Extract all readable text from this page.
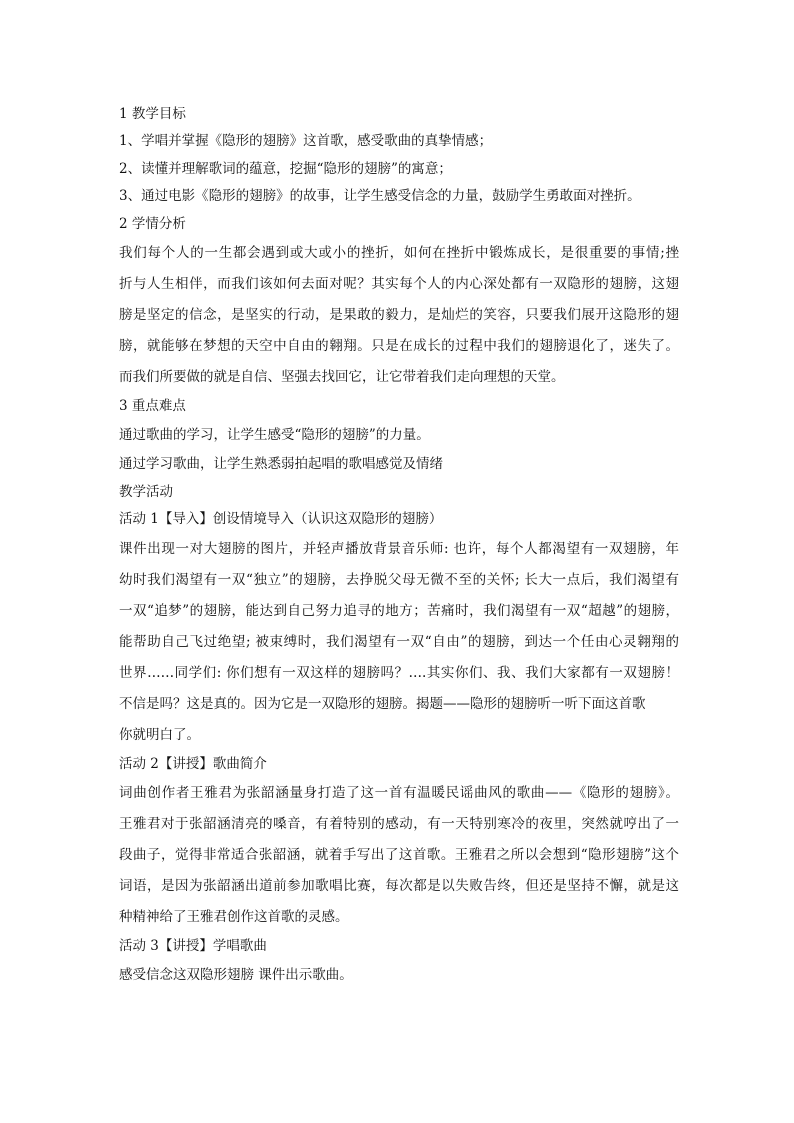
1 教学目标
1、学唱并掌握《隐形的翅膀》这首歌，感受歌曲的真挚情感；
2、读懂并理解歌词的蕴意，挖掘“隐形的翅膀”的寓意；
3、通过电影《隐形的翅膀》的故事，让学生感受信念的力量，鼓励学生勇敢面对挫折。
2 学情分析
我们每个人的一生都会遇到或大或小的挫折，如何在挫折中锻炼成长，是很重要的事情;挫
折与人生相伴，而我们该如何去面对呢？其实每个人的内心深处都有一双隐形的翅膀，这翅
膀是坚定的信念，是坚实的行动，是果敢的毅力，是灿烂的笑容，只要我们展开这隐形的翅
膀，就能够在梦想的天空中自由的翱翔。只是在成长的过程中我们的翅膀退化了，迷失了。
而我们所要做的就是自信、坚强去找回它，让它带着我们走向理想的天堂。
3 重点难点
通过歌曲的学习，让学生感受“隐形的翅膀”的力量。
通过学习歌曲，让学生熟悉弱拍起唱的歌唱感觉及情绪
教学活动
活动 1【导入】创设情境导入（认识这双隐形的翅膀）
课件出现一对大翅膀的图片，并轻声播放背景音乐师: 也许，每个人都渴望有一双翅膀，年
幼时我们渴望有一双“独立”的翅膀，去挣脱父母无微不至的关怀; 长大一点后，我们渴望有
一双“追梦”的翅膀，能达到自己努力追寻的地方；苦痛时，我们渴望有一双“超越”的翅膀，
能帮助自己飞过绝望; 被束缚时，我们渴望有一双“自由”的翅膀，到达一个任由心灵翱翔的
世界……同学们: 你们想有一双这样的翅膀吗？….其实你们、我、我们大家都有一双翅膀！
不信是吗？这是真的。因为它是一双隐形的翅膀。揭题——隐形的翅膀听一听下面这首歌
你就明白了。
活动 2【讲授】歌曲简介
词曲创作者王雅君为张韶涵量身打造了这一首有温暖民谣曲风的歌曲——《隐形的翅膀》。
王雅君对于张韶涵清亮的嗓音，有着特别的感动，有一天特别寒冷的夜里，突然就哼出了一
段曲子，觉得非常适合张韶涵，就着手写出了这首歌。王雅君之所以会想到“隐形翅膀”这个
词语，是因为张韶涵出道前参加歌唱比赛，每次都是以失败告终，但还是坚持不懈，就是这
种精神给了王雅君创作这首歌的灵感。
活动 3【讲授】学唱歌曲
感受信念这双隐形翅膀 课件出示歌曲。
